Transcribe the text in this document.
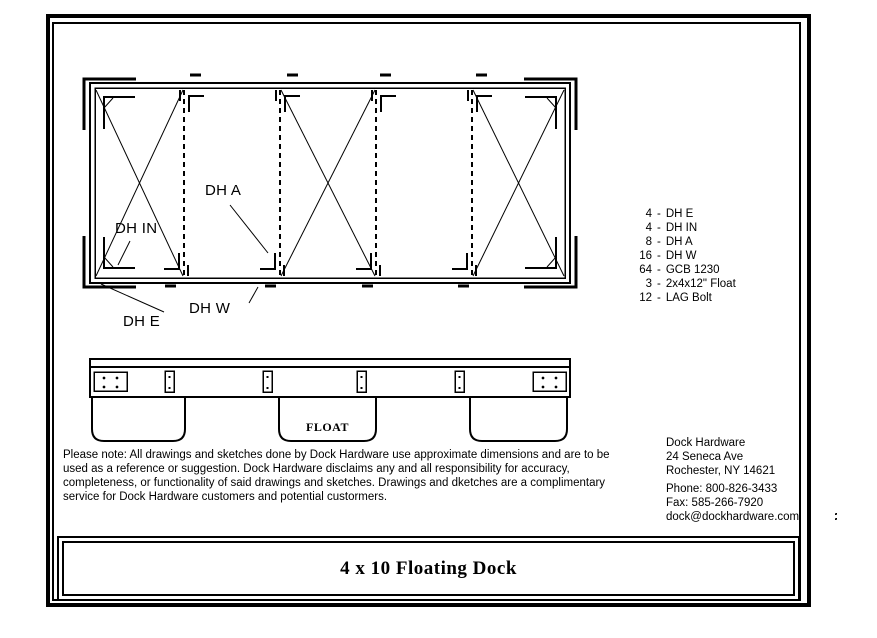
DH A
DH IN
DH E
DH W
FLOAT
4 - DH E
4 - DH IN
8 - DH A
16 - DH W
64 - GCB 1230
3 - 2x4x12" Float
12 - LAG Bolt
Please note: All drawings and sketches done by Dock Hardware use approximate dimensions and are to be
used as a reference or suggestion. Dock Hardware disclaims any and all responsibility for accuracy,
completeness, or functionality of said drawings and sketches. Drawings and dketches are a complimentary
service for Dock Hardware customers and potential custormers.
Dock Hardware
24 Seneca Ave
Rochester, NY 14621
Phone: 800-826-3433
Fax: 585-266-7920
dock@dockhardware.com
4 x 10 Floating Dock
